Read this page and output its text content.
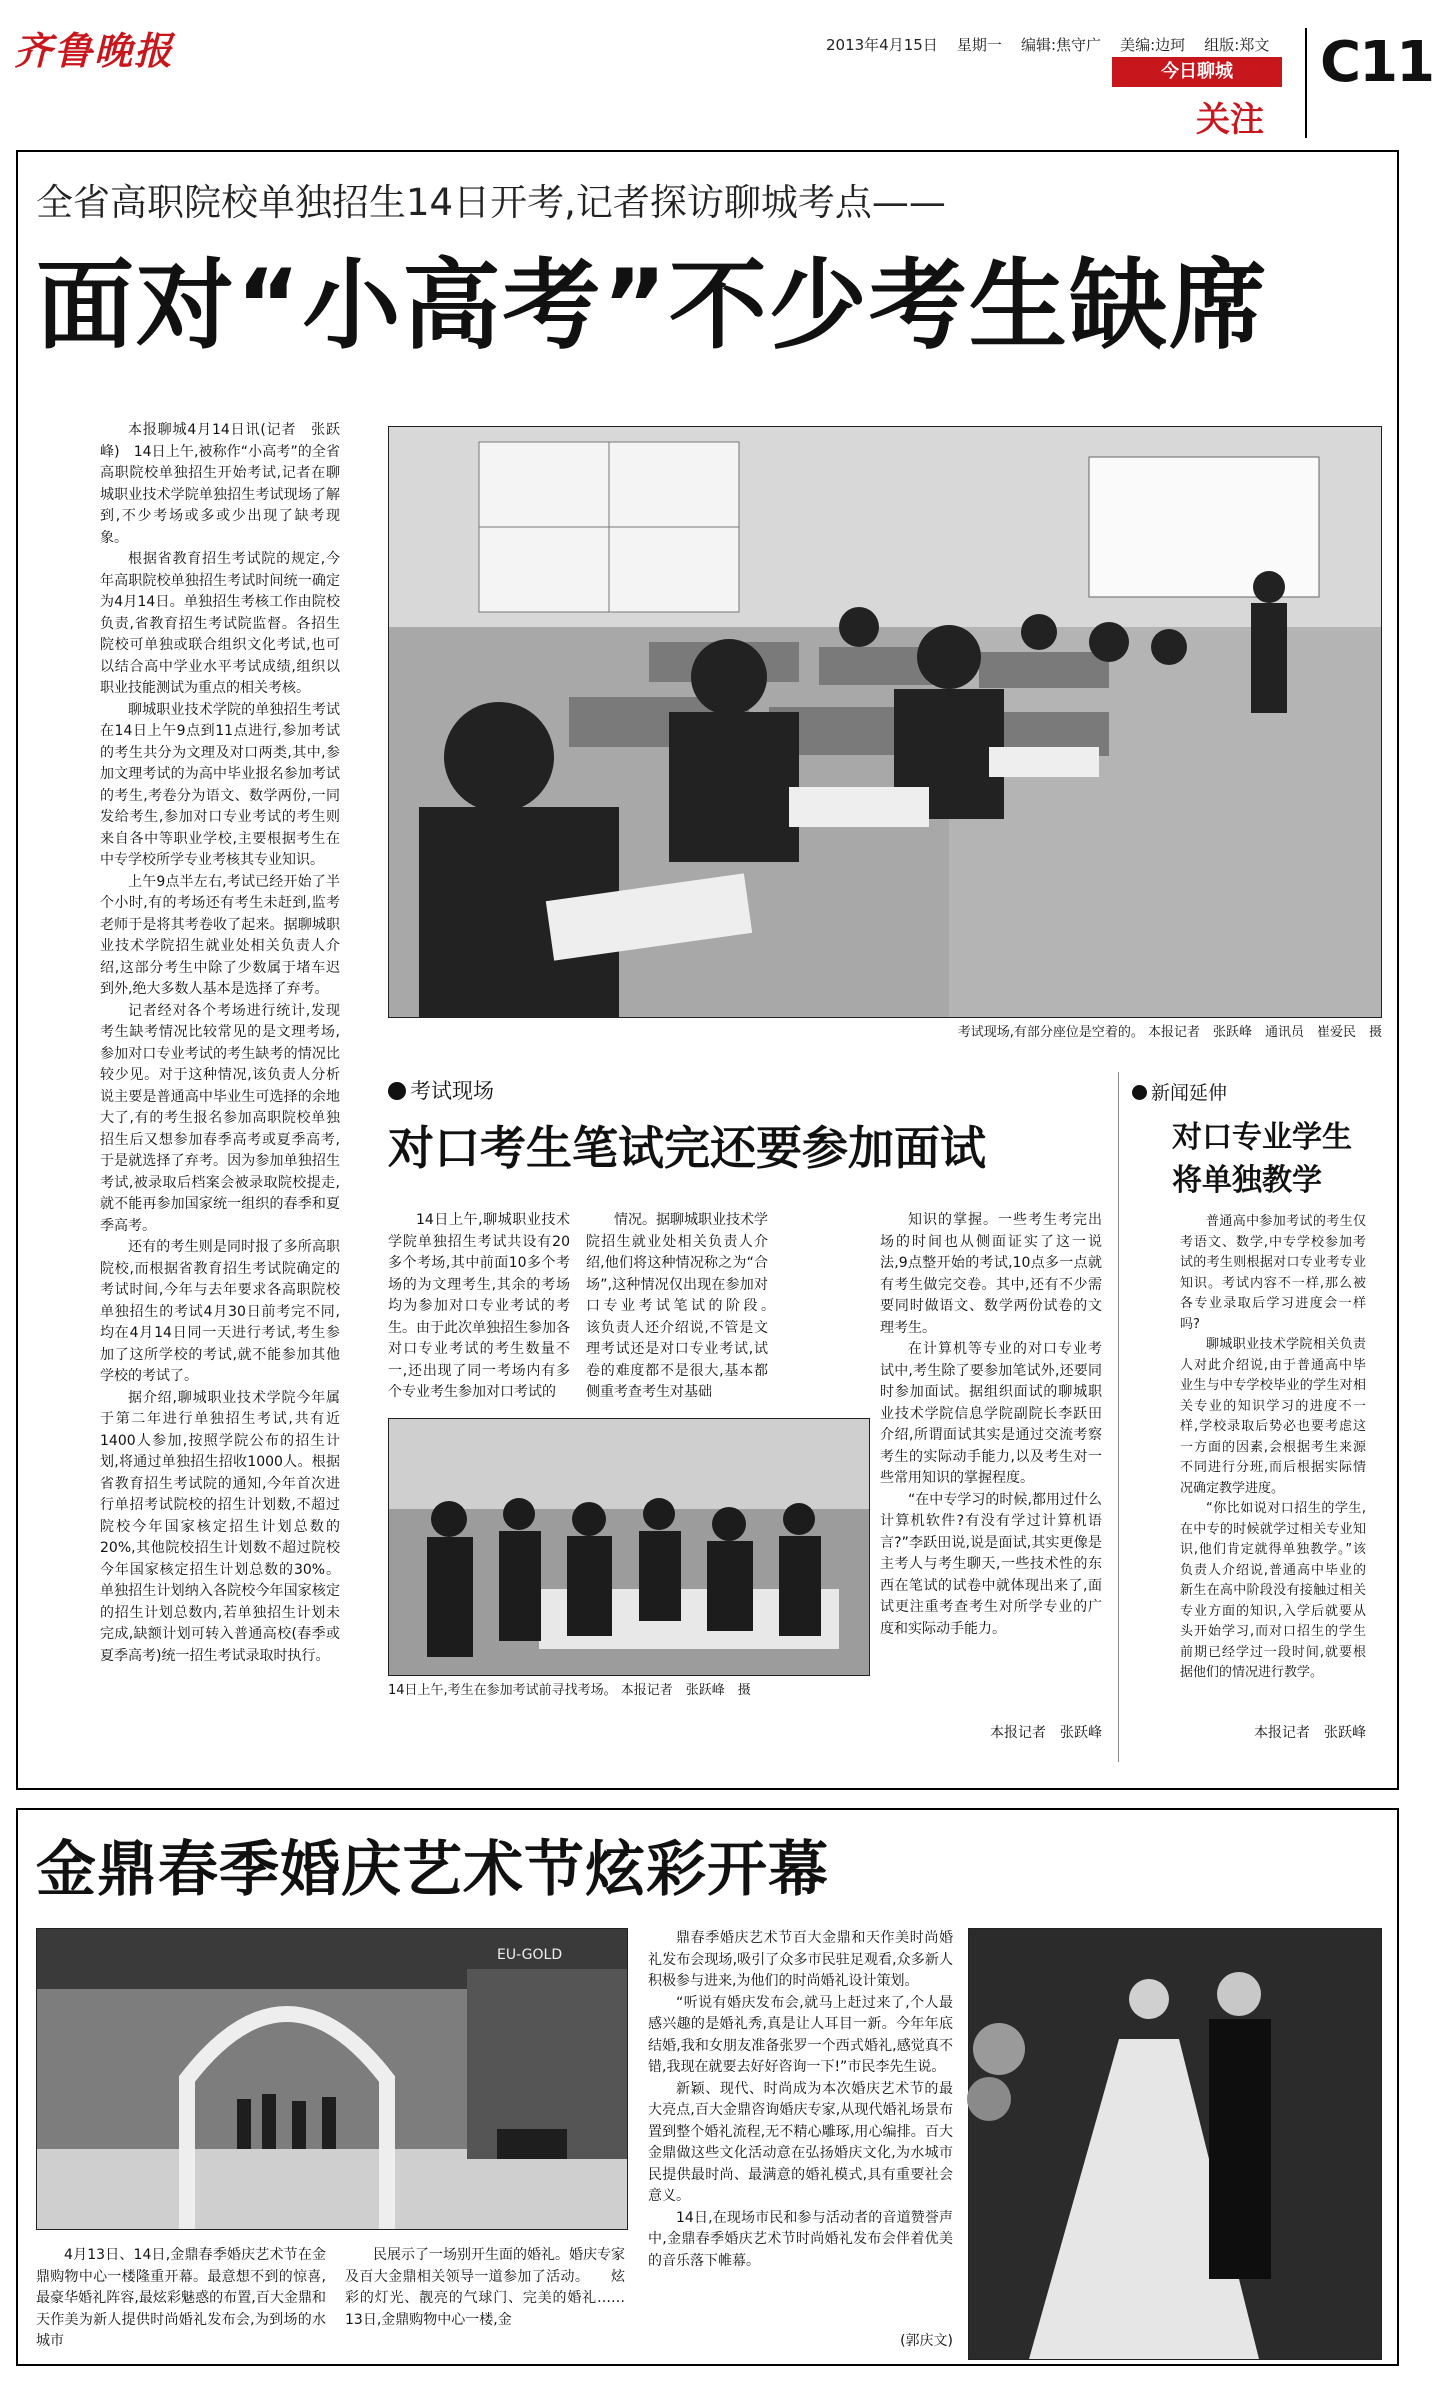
齐鲁晚报	2013年4月15日 星期一 编辑:焦守广 美编:边珂 组版:郑文
今日聊城
关注
C11
全省高职院校单独招生14日开考,记者探访聊城考点——
面对“小高考”不少考生缺席

本报聊城4月14日讯(记者　张跃峰)　14日上午,被称作“小高考”的全省高职院校单独招生开始考试,记者在聊城职业技术学院单独招生考试现场了解到,不少考场或多或少出现了缺考现象。

根据省教育招生考试院的规定,今年高职院校单独招生考试时间统一确定为4月14日。单独招生考核工作由院校负责,省教育招生考试院监督。各招生院校可单独或联合组织文化考试,也可以结合高中学业水平考试成绩,组织以职业技能测试为重点的相关考核。

聊城职业技术学院的单独招生考试在14日上午9点到11点进行,参加考试的考生共分为文理及对口两类,其中,参加文理考试的为高中毕业报名参加考试的考生,考卷分为语文、数学两份,一同发给考生,参加对口专业考试的考生则来自各中等职业学校,主要根据考生在中专学校所学专业考核其专业知识。

上午9点半左右,考试已经开始了半个小时,有的考场还有考生未赶到,监考老师于是将其考卷收了起来。据聊城职业技术学院招生就业处相关负责人介绍,这部分考生中除了少数属于堵车迟到外,绝大多数人基本是选择了弃考。

记者经对各个考场进行统计,发现考生缺考情况比较常见的是文理考场,参加对口专业考试的考生缺考的情况比较少见。对于这种情况,该负责人分析说主要是普通高中毕业生可选择的余地大了,有的考生报名参加高职院校单独招生后又想参加春季高考或夏季高考,于是就选择了弃考。因为参加单独招生考试,被录取后档案会被录取院校提走,就不能再参加国家统一组织的春季和夏季高考。

还有的考生则是同时报了多所高职院校,而根据省教育招生考试院确定的考试时间,今年与去年要求各高职院校单独招生的考试4月30日前考完不同,均在4月14日同一天进行考试,考生参加了这所学校的考试,就不能参加其他学校的考试了。

据介绍,聊城职业技术学院今年属于第二年进行单独招生考试,共有近1400人参加,按照学院公布的招生计划,将通过单独招生招收1000人。根据省教育招生考试院的通知,今年首次进行单招考试院校的招生计划数,不超过院校今年国家核定招生计划总数的20%,其他院校招生计划数不超过院校今年国家核定招生计划总数的30%。单独招生计划纳入各院校今年国家核定的招生计划总数内,若单独招生计划未完成,缺额计划可转入普通高校(春季或夏季高考)统一招生考试录取时执行。

考试现场,有部分座位是空着的。 本报记者　张跃峰　通讯员　崔爱民　摄
考试现场
对口考生笔试完还要参加面试

14日上午,聊城职业技术学院单独招生考试共设有20多个考场,其中前面10多个考场的为文理考生,其余的考场均为参加对口专业考试的考生。由于此次单独招生参加各对口专业考试的考生数量不一,还出现了同一考场内有多个专业考生参加对口考试的

情况。据聊城职业技术学院招生就业处相关负责人介绍,他们将这种情况称之为“合场”,这种情况仅出现在参加对口专业考试笔试的阶段。　　该负责人还介绍说,不管是文理考试还是对口专业考试,试卷的难度都不是很大,基本都侧重考查考生对基础

14日上午,考生在参加考试前寻找考场。 本报记者　张跃峰　摄

知识的掌握。一些考生考完出场的时间也从侧面证实了这一说法,9点整开始的考试,10点多一点就有考生做完交卷。其中,还有不少需要同时做语文、数学两份试卷的文理考生。

在计算机等专业的对口专业考试中,考生除了要参加笔试外,还要同时参加面试。据组织面试的聊城职业技术学院信息学院副院长李跃田介绍,所谓面试其实是通过交流考察考生的实际动手能力,以及考生对一些常用知识的掌握程度。

“在中专学习的时候,都用过什么计算机软件?有没有学过计算机语言?”李跃田说,说是面试,其实更像是主考人与考生聊天,一些技术性的东西在笔试的试卷中就体现出来了,面试更注重考查考生对所学专业的广度和实际动手能力。

本报记者　张跃峰
新闻延伸
对口专业学生
将单独教学

普通高中参加考试的考生仅考语文、数学,中专学校参加考试的考生则根据对口专业考专业知识。考试内容不一样,那么被各专业录取后学习进度会一样吗?

聊城职业技术学院相关负责人对此介绍说,由于普通高中毕业生与中专学校毕业的学生对相关专业的知识学习的进度不一样,学校录取后势必也要考虑这一方面的因素,会根据考生来源不同进行分班,而后根据实际情况确定教学进度。

“你比如说对口招生的学生,在中专的时候就学过相关专业知识,他们肯定就得单独教学。”该负责人介绍说,普通高中毕业的新生在高中阶段没有接触过相关专业方面的知识,入学后就要从头开始学习,而对口招生的学生前期已经学过一段时间,就要根据他们的情况进行教学。

本报记者　张跃峰
金鼎春季婚庆艺术节炫彩开幕
EU-GOLD

4月13日、14日,金鼎春季婚庆艺术节在金鼎购物中心一楼隆重开幕。最意想不到的惊喜,最豪华婚礼阵容,最炫彩魅惑的布置,百大金鼎和天作美为新人提供时尚婚礼发布会,为到场的水城市

民展示了一场别开生面的婚礼。婚庆专家及百大金鼎相关领导一道参加了活动。　　炫彩的灯光、靓亮的气球门、完美的婚礼……13日,金鼎购物中心一楼,金

鼎春季婚庆艺术节百大金鼎和天作美时尚婚礼发布会现场,吸引了众多市民驻足观看,众多新人积极参与进来,为他们的时尚婚礼设计策划。

“听说有婚庆发布会,就马上赶过来了,个人最感兴趣的是婚礼秀,真是让人耳目一新。今年年底结婚,我和女朋友准备张罗一个西式婚礼,感觉真不错,我现在就要去好好咨询一下!”市民李先生说。

新颖、现代、时尚成为本次婚庆艺术节的最大亮点,百大金鼎咨询婚庆专家,从现代婚礼场景布置到整个婚礼流程,无不精心雕琢,用心编排。百大金鼎做这些文化活动意在弘扬婚庆文化,为水城市民提供最时尚、最满意的婚礼模式,具有重要社会意义。

14日,在现场市民和参与活动者的音道赞誉声中,金鼎春季婚庆艺术节时尚婚礼发布会伴着优美的音乐落下帷幕。

(郭庆文)
